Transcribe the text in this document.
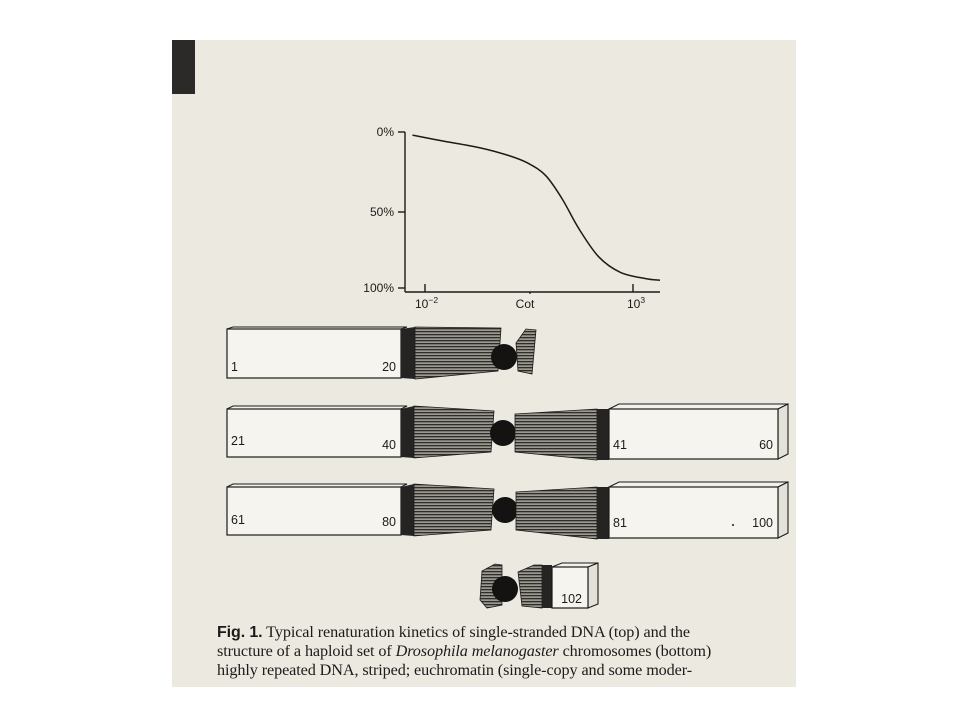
0%
50%
100%
$10^{-2}$	Cot	$10^3$
1	20
21	40	41	60
61	80	81	100
102
Fig. 1. Typical renaturation kinetics of single-stranded DNA (top) and the
structure of a haploid set of Drosophila melanogaster chromosomes (bottom)
highly repeated DNA, striped; euchromatin (single-copy and some moder-
